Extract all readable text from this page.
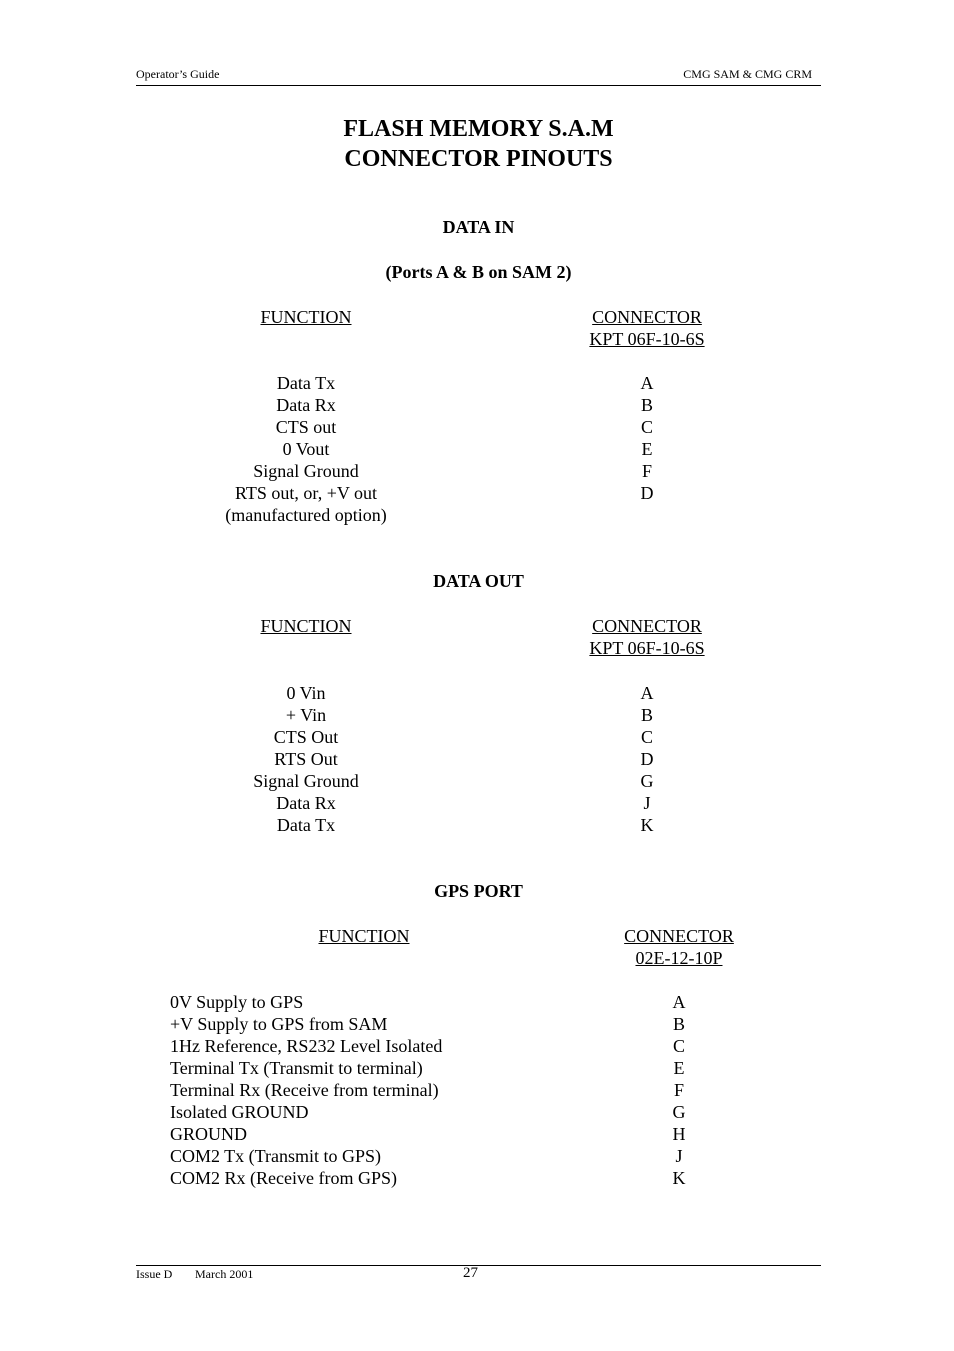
Operator’s Guide	CMG SAM & CMG CRM
FLASH MEMORY S.A.M
CONNECTOR PINOUTS
DATA IN
(Ports A & B on SAM 2)
FUNCTION
Data Tx
Data Rx
CTS out
0 Vout
Signal Ground
RTS out, or, +V out
(manufactured option)
CONNECTOR
KPT 06F-10-6S
A
B
C
E
F
D
DATA OUT
FUNCTION
0 Vin
+ Vin
CTS Out
RTS Out
Signal Ground
Data Rx
Data Tx
CONNECTOR
KPT 06F-10-6S
A
B
C
D
G
J
K
GPS PORT
FUNCTION
0V Supply to GPS
+V Supply to GPS from SAM
1Hz Reference, RS232 Level Isolated
Terminal Tx (Transmit to terminal)
Terminal Rx (Receive from terminal)
Isolated GROUND
GROUND
COM2 Tx (Transmit to GPS)
COM2 Rx (Receive from GPS)
CONNECTOR
02E-12-10P
A
B
C
E
F
G
H
J
K
Issue D March 2001	27
